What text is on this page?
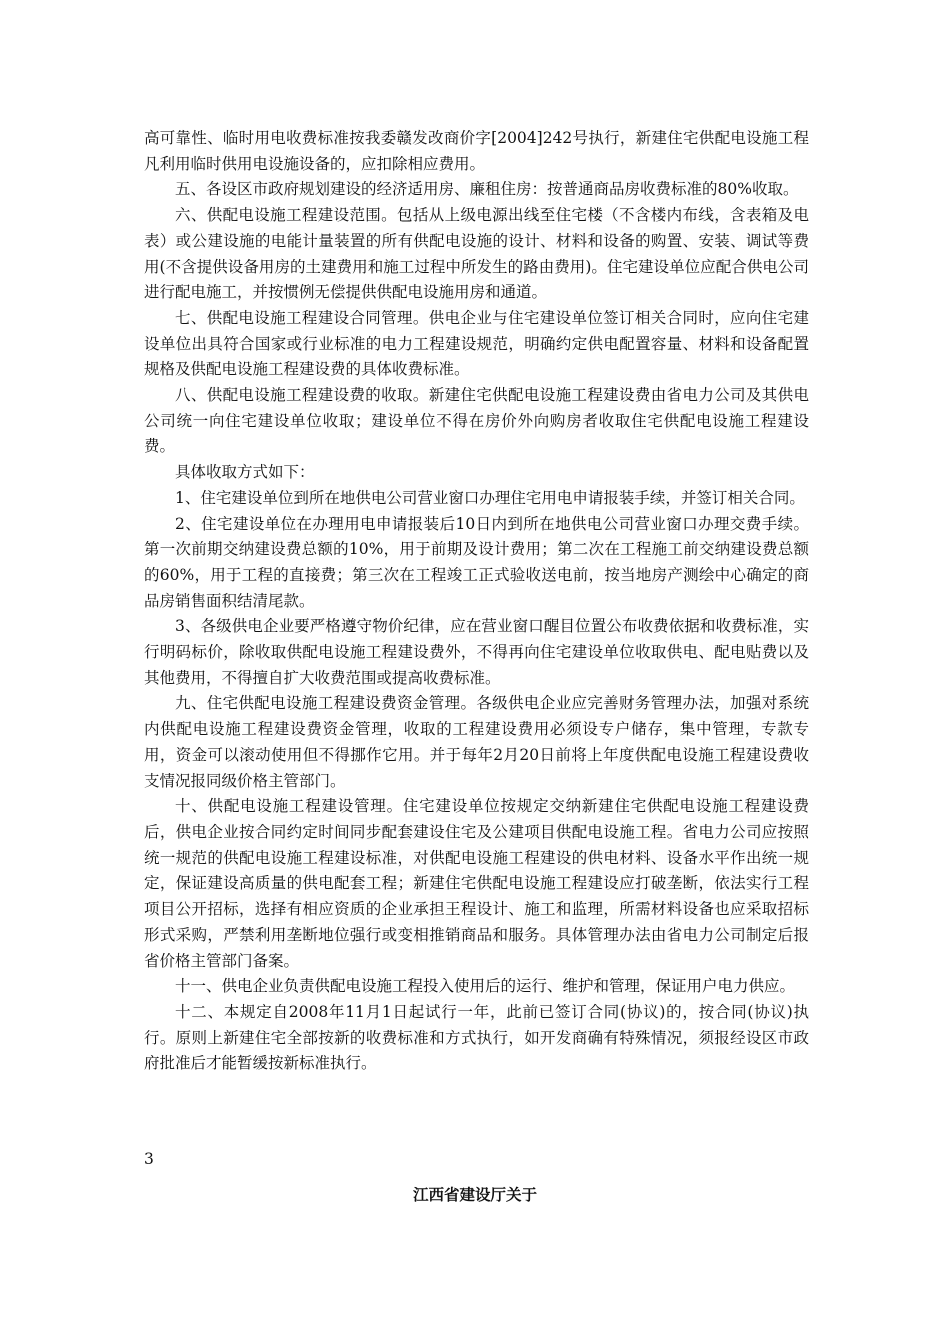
高可靠性、临时用电收费标准按我委赣发改商价字[2004]242号执行，新建住宅供配电设施工程凡利用临时供用电设施设备的，应扣除相应费用。

五、各设区市政府规划建设的经济适用房、廉租住房：按普通商品房收费标准的80%收取。

六、供配电设施工程建设范围。包括从上级电源出线至住宅楼（不含楼内布线，含表箱及电表）或公建设施的电能计量装置的所有供配电设施的设计、材料和设备的购置、安装、调试等费用(不含提供设备用房的土建费用和施工过程中所发生的路由费用)。住宅建设单位应配合供电公司进行配电施工，并按惯例无偿提供供配电设施用房和通道。

七、供配电设施工程建设合同管理。供电企业与住宅建设单位签订相关合同时，应向住宅建设单位出具符合国家或行业标准的电力工程建设规范，明确约定供电配置容量、材料和设备配置规格及供配电设施工程建设费的具体收费标准。

八、供配电设施工程建设费的收取。新建住宅供配电设施工程建设费由省电力公司及其供电公司统一向住宅建设单位收取；建设单位不得在房价外向购房者收取住宅供配电设施工程建设费。

具体收取方式如下：

1、住宅建设单位到所在地供电公司营业窗口办理住宅用电申请报装手续，并签订相关合同。

2、住宅建设单位在办理用电申请报装后10日内到所在地供电公司营业窗口办理交费手续。第一次前期交纳建设费总额的10%，用于前期及设计费用；第二次在工程施工前交纳建设费总额的60%，用于工程的直接费；第三次在工程竣工正式验收送电前，按当地房产测绘中心确定的商品房销售面积结清尾款。

3、各级供电企业要严格遵守物价纪律，应在营业窗口醒目位置公布收费依据和收费标准，实行明码标价，除收取供配电设施工程建设费外，不得再向住宅建设单位收取供电、配电贴费以及其他费用，不得擅自扩大收费范围或提高收费标准。

九、住宅供配电设施工程建设费资金管理。各级供电企业应完善财务管理办法，加强对系统内供配电设施工程建设费资金管理，收取的工程建设费用必须设专户储存，集中管理，专款专用，资金可以滚动使用但不得挪作它用。并于每年2月20日前将上年度供配电设施工程建设费收支情况报同级价格主管部门。

十、供配电设施工程建设管理。住宅建设单位按规定交纳新建住宅供配电设施工程建设费后，供电企业按合同约定时间同步配套建设住宅及公建项目供配电设施工程。省电力公司应按照统一规范的供配电设施工程建设标准，对供配电设施工程建设的供电材料、设备水平作出统一规定，保证建设高质量的供电配套工程；新建住宅供配电设施工程建设应打破垄断，依法实行工程项目公开招标，选择有相应资质的企业承担王程设计、施工和监理，所需材料设备也应采取招标形式采购，严禁利用垄断地位强行或变相推销商品和服务。具体管理办法由省电力公司制定后报省价格主管部门备案。

十一、供电企业负责供配电设施工程投入使用后的运行、维护和管理，保证用户电力供应。

十二、本规定自2008年11月1日起试行一年，此前已签订合同(协议)的，按合同(协议)执行。原则上新建住宅全部按新的收费标准和方式执行，如开发商确有特殊情况，须报经设区市政府批准后才能暂缓按新标准执行。

3
江西省建设厅关于
